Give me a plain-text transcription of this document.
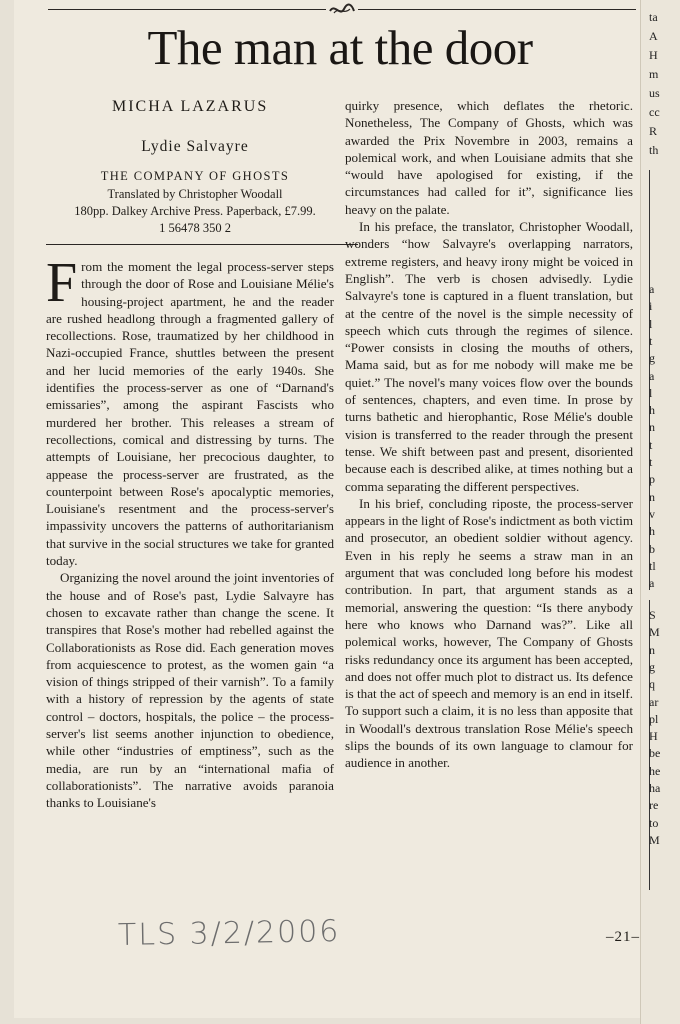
ta
A
H
m
us
cc
R
th
a
i
l
t
g
a
l
h
n
t
t
p
n
v
h
b
tl
a
S
M
n
g
q
ar
pl
H
be
he
ha
re
to
M
The man at the door
MICHA LAZARUS
Lydie Salvayre
THE COMPANY OF GHOSTS
Translated by Christopher Woodall
180pp. Dalkey Archive Press. Paperback, £7.99.
1 56478 350 2

From the moment the legal process-server steps through the door of Rose and Louisiane Mélie's housing-project apartment, he and the reader are rushed headlong through a fragmented gallery of recollections. Rose, traumatized by her childhood in Nazi-occupied France, shuttles between the present and her lucid memories of the early 1940s. She identifies the process-server as one of “Darnand's emissaries”, among the aspirant Fascists who murdered her brother. This releases a stream of recollections, comical and distressing by turns. The attempts of Louisiane, her precocious daughter, to appease the process-server are frustrated, as the counterpoint between Rose's apocalyptic memories, Louisiane's resentment and the process-server's impassivity uncovers the patterns of authoritarianism that survive in the social structures we take for granted today.

Organizing the novel around the joint inventories of the house and of Rose's past, Lydie Salvayre has chosen to excavate rather than change the scene. It transpires that Rose's mother had rebelled against the Collaborationists as Rose did. Each generation moves from acquiescence to protest, as the women gain “a vision of things stripped of their varnish”. To a family with a history of repression by the agents of state control – doctors, hospitals, the police – the process-server's list seems another injunction to obedience, while other “industries of emptiness”, such as the media, are run by an “international mafia of collaborationists”. The narrative avoids paranoia thanks to Louisiane's

quirky presence, which deflates the rhetoric. Nonetheless, The Company of Ghosts, which was awarded the Prix Novembre in 2003, remains a polemical work, and when Louisiane admits that she “would have apologised for existing, if the circumstances had called for it”, significance lies heavy on the palate.

In his preface, the translator, Christopher Woodall, wonders “how Salvayre's overlapping narrators, extreme registers, and heavy irony might be voiced in English”. The verb is chosen advisedly. Lydie Salvayre's tone is captured in a fluent translation, but at the centre of the novel is the simple necessity of speech which cuts through the regimes of silence. “Power consists in closing the mouths of others, Mama said, but as for me nobody will make me be quiet.” The novel's many voices flow over the bounds of sentences, chapters, and even time. In prose by turns bathetic and hierophantic, Rose Mélie's double vision is transferred to the reader through the present tense. We shift between past and present, disoriented because each is described alike, at times nothing but a comma separating the different perspectives.

In his brief, concluding riposte, the process-server appears in the light of Rose's indictment as both victim and prosecutor, an obedient soldier without agency. Even in his reply he seems a straw man in an argument that was concluded long before his modest contribution. In part, that argument stands as a memorial, answering the question: “Is there anybody here who knows who Darnand was?”. Like all polemical works, however, The Company of Ghosts risks redundancy once its argument has been accepted, and does not offer much plot to distract us. Its defence is that the act of speech and memory is an end in itself. To support such a claim, it is no less than apposite that in Woodall's dextrous translation Rose Mélie's speech slips the bounds of its own language to clamour for audience in another.

TLS 3/2/2006	–21–
